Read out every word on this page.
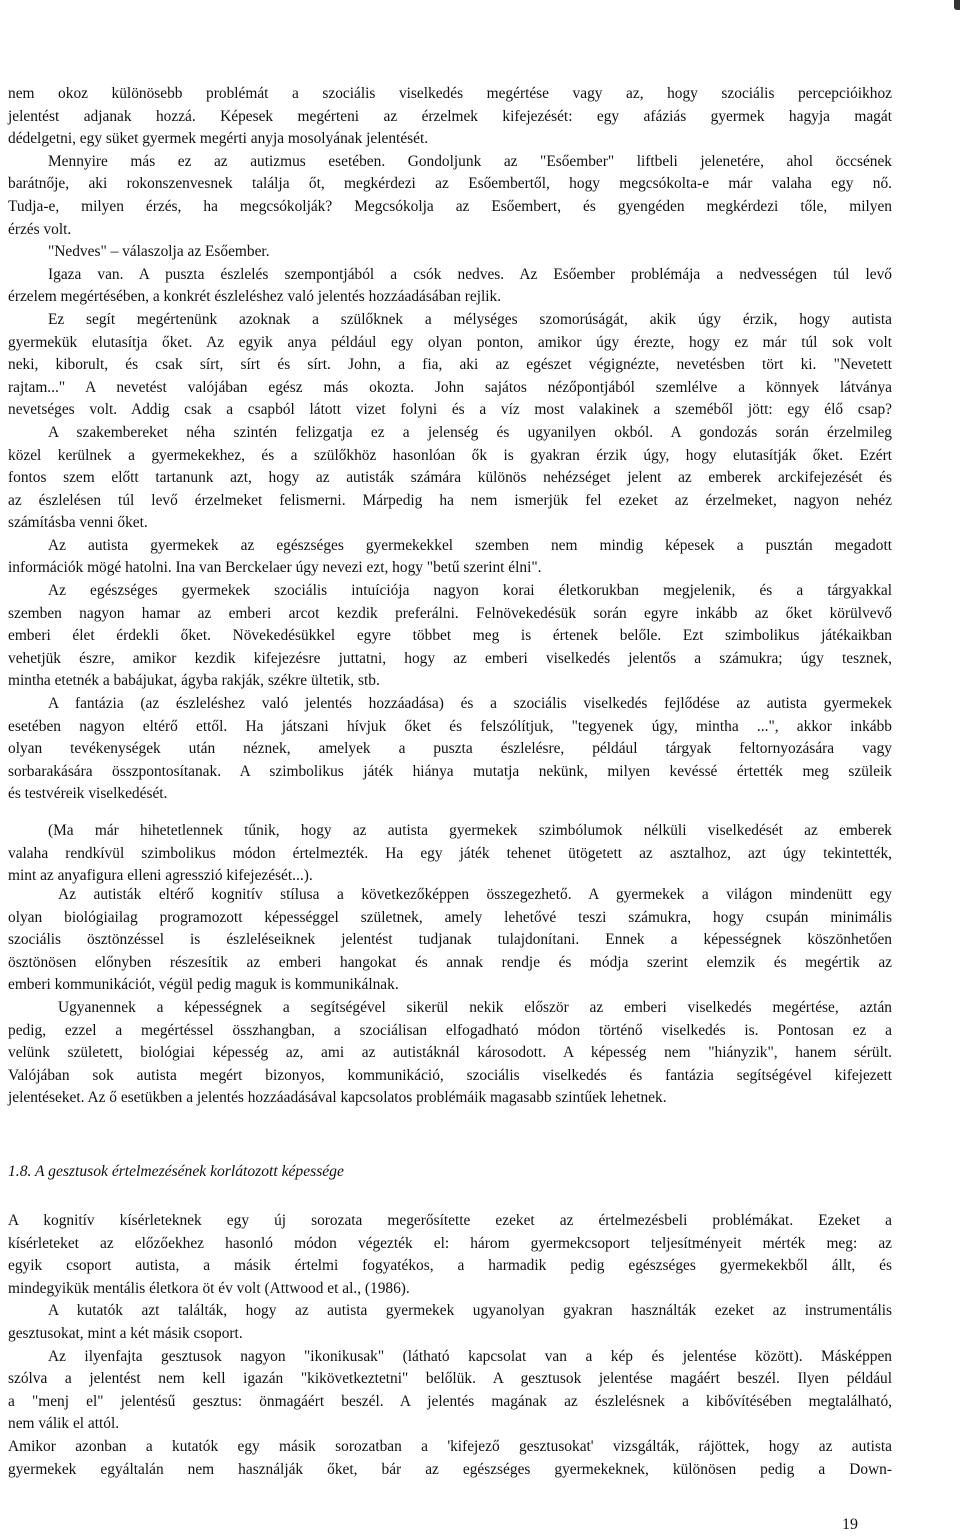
nem okoz különösebb problémát a szociális viselkedés megértése vagy az, hogy szociális percepcióikhoz
jelentést adjanak hozzá. Képesek megérteni az érzelmek kifejezését: egy afáziás gyermek hagyja magát
dédelgetni, egy süket gyermek megérti anyja mosolyának jelentését.
Mennyire más ez az autizmus esetében. Gondoljunk az "Esőember" liftbeli jelenetére, ahol öccsének
barátnője, aki rokonszenvesnek találja őt, megkérdezi az Esőembertől, hogy megcsókolta-e már valaha egy nő.
Tudja-e, milyen érzés, ha megcsókolják? Megcsókolja az Esőembert, és gyengéden megkérdezi tőle, milyen
érzés volt.
"Nedves" – válaszolja az Esőember.
Igaza van. A puszta észlelés szempontjából a csók nedves. Az Esőember problémája a nedvességen túl levő
érzelem megértésében, a konkrét észleléshez való jelentés hozzáadásában rejlik.
Ez segít megértenünk azoknak a szülőknek a mélységes szomorúságát, akik úgy érzik, hogy autista
gyermekük elutasítja őket. Az egyik anya például egy olyan ponton, amikor úgy érezte, hogy ez már túl sok volt
neki, kiborult, és csak sírt, sírt és sírt. John, a fia, aki az egészet végignézte, nevetésben tört ki. "Nevetett
rajtam..." A nevetést valójában egész más okozta. John sajátos nézőpontjából szemlélve a könnyek látványa
nevetséges volt. Addig csak a csapból látott vizet folyni és a víz most valakinek a szeméből jött: egy élő csap?
A szakembereket néha szintén felizgatja ez a jelenség és ugyanilyen okból. A gondozás során érzelmileg
közel kerülnek a gyermekekhez, és a szülőkhöz hasonlóan ők is gyakran érzik úgy, hogy elutasítják őket. Ezért
fontos szem előtt tartanunk azt, hogy az autisták számára különös nehézséget jelent az emberek arckifejezését és
az észlelésen túl levő érzelmeket felismerni. Márpedig ha nem ismerjük fel ezeket az érzelmeket, nagyon nehéz
számításba venni őket.
Az autista gyermekek az egészséges gyermekekkel szemben nem mindig képesek a pusztán megadott
információk mögé hatolni. Ina van Berckelaer úgy nevezi ezt, hogy "betű szerint élni".
Az egészséges gyermekek szociális intuíciója nagyon korai életkorukban megjelenik, és a tárgyakkal
szemben nagyon hamar az emberi arcot kezdik preferálni. Felnövekedésük során egyre inkább az őket körülvevő
emberi élet érdekli őket. Növekedésükkel egyre többet meg is értenek belőle. Ezt szimbolikus játékaikban
vehetjük észre, amikor kezdik kifejezésre juttatni, hogy az emberi viselkedés jelentős a számukra; úgy tesznek,
mintha etetnék a babájukat, ágyba rakják, székre ültetik, stb.
A fantázia (az észleléshez való jelentés hozzáadása) és a szociális viselkedés fejlődése az autista gyermekek
esetében nagyon eltérő ettől. Ha játszani hívjuk őket és felszólítjuk, "tegyenek úgy, mintha ...", akkor inkább
olyan tevékenységek után néznek, amelyek a puszta észlelésre, például tárgyak feltornyozására vagy
sorbarakására összpontosítanak. A szimbolikus játék hiánya mutatja nekünk, milyen kevéssé értették meg szüleik
és testvéreik viselkedését.
(Ma már hihetetlennek tűnik, hogy az autista gyermekek szimbólumok nélküli viselkedését az emberek
valaha rendkívül szimbolikus módon értelmezték. Ha egy játék tehenet ütögetett az asztalhoz, azt úgy tekintették,
mint az anyafigura elleni agresszió kifejezését...).
Az autisták eltérő kognitív stílusa a következőképpen összegezhető. A gyermekek a világon mindenütt egy
olyan biológiailag programozott képességgel születnek, amely lehetővé teszi számukra, hogy csupán minimális
szociális ösztönzéssel is észleléseiknek jelentést tudjanak tulajdonítani. Ennek a képességnek köszönhetően
ösztönösen előnyben részesítik az emberi hangokat és annak rendje és módja szerint elemzik és megértik az
emberi kommunikációt, végül pedig maguk is kommunikálnak.
Ugyanennek a képességnek a segítségével sikerül nekik először az emberi viselkedés megértése, aztán
pedig, ezzel a megértéssel összhangban, a szociálisan elfogadható módon történő viselkedés is. Pontosan ez a
velünk született, biológiai képesség az, ami az autistáknál károsodott. A képesség nem "hiányzik", hanem sérült.
Valójában sok autista megért bizonyos, kommunikáció, szociális viselkedés és fantázia segítségével kifejezett
jelentéseket. Az ő esetükben a jelentés hozzáadásával kapcsolatos problémáik magasabb szintűek lehetnek.
1.8. A gesztusok értelmezésének korlátozott képessége
A kognitív kísérleteknek egy új sorozata megerősítette ezeket az értelmezésbeli problémákat. Ezeket a
kísérleteket az előzőekhez hasonló módon végezték el: három gyermekcsoport teljesítményeit mérték meg: az
egyik csoport autista, a másik értelmi fogyatékos, a harmadik pedig egészséges gyermekekből állt, és
mindegyikük mentális életkora öt év volt (Attwood et al., (1986).
A kutatók azt találták, hogy az autista gyermekek ugyanolyan gyakran használták ezeket az instrumentális
gesztusokat, mint a két másik csoport.
Az ilyenfajta gesztusok nagyon "ikonikusak" (látható kapcsolat van a kép és jelentése között). Másképpen
szólva a jelentést nem kell igazán "kikövetkeztetni" belőlük. A gesztusok jelentése magáért beszél. Ilyen például
a "menj el" jelentésű gesztus: önmagáért beszél. A jelentés magának az észlelésnek a kibővítésében megtalálható,
nem válik el attól.
Amikor azonban a kutatók egy másik sorozatban a 'kifejező gesztusokat' vizsgálták, rájöttek, hogy az autista
gyermekek egyáltalán nem használják őket, bár az egészséges gyermekeknek, különösen pedig a Down-
19
